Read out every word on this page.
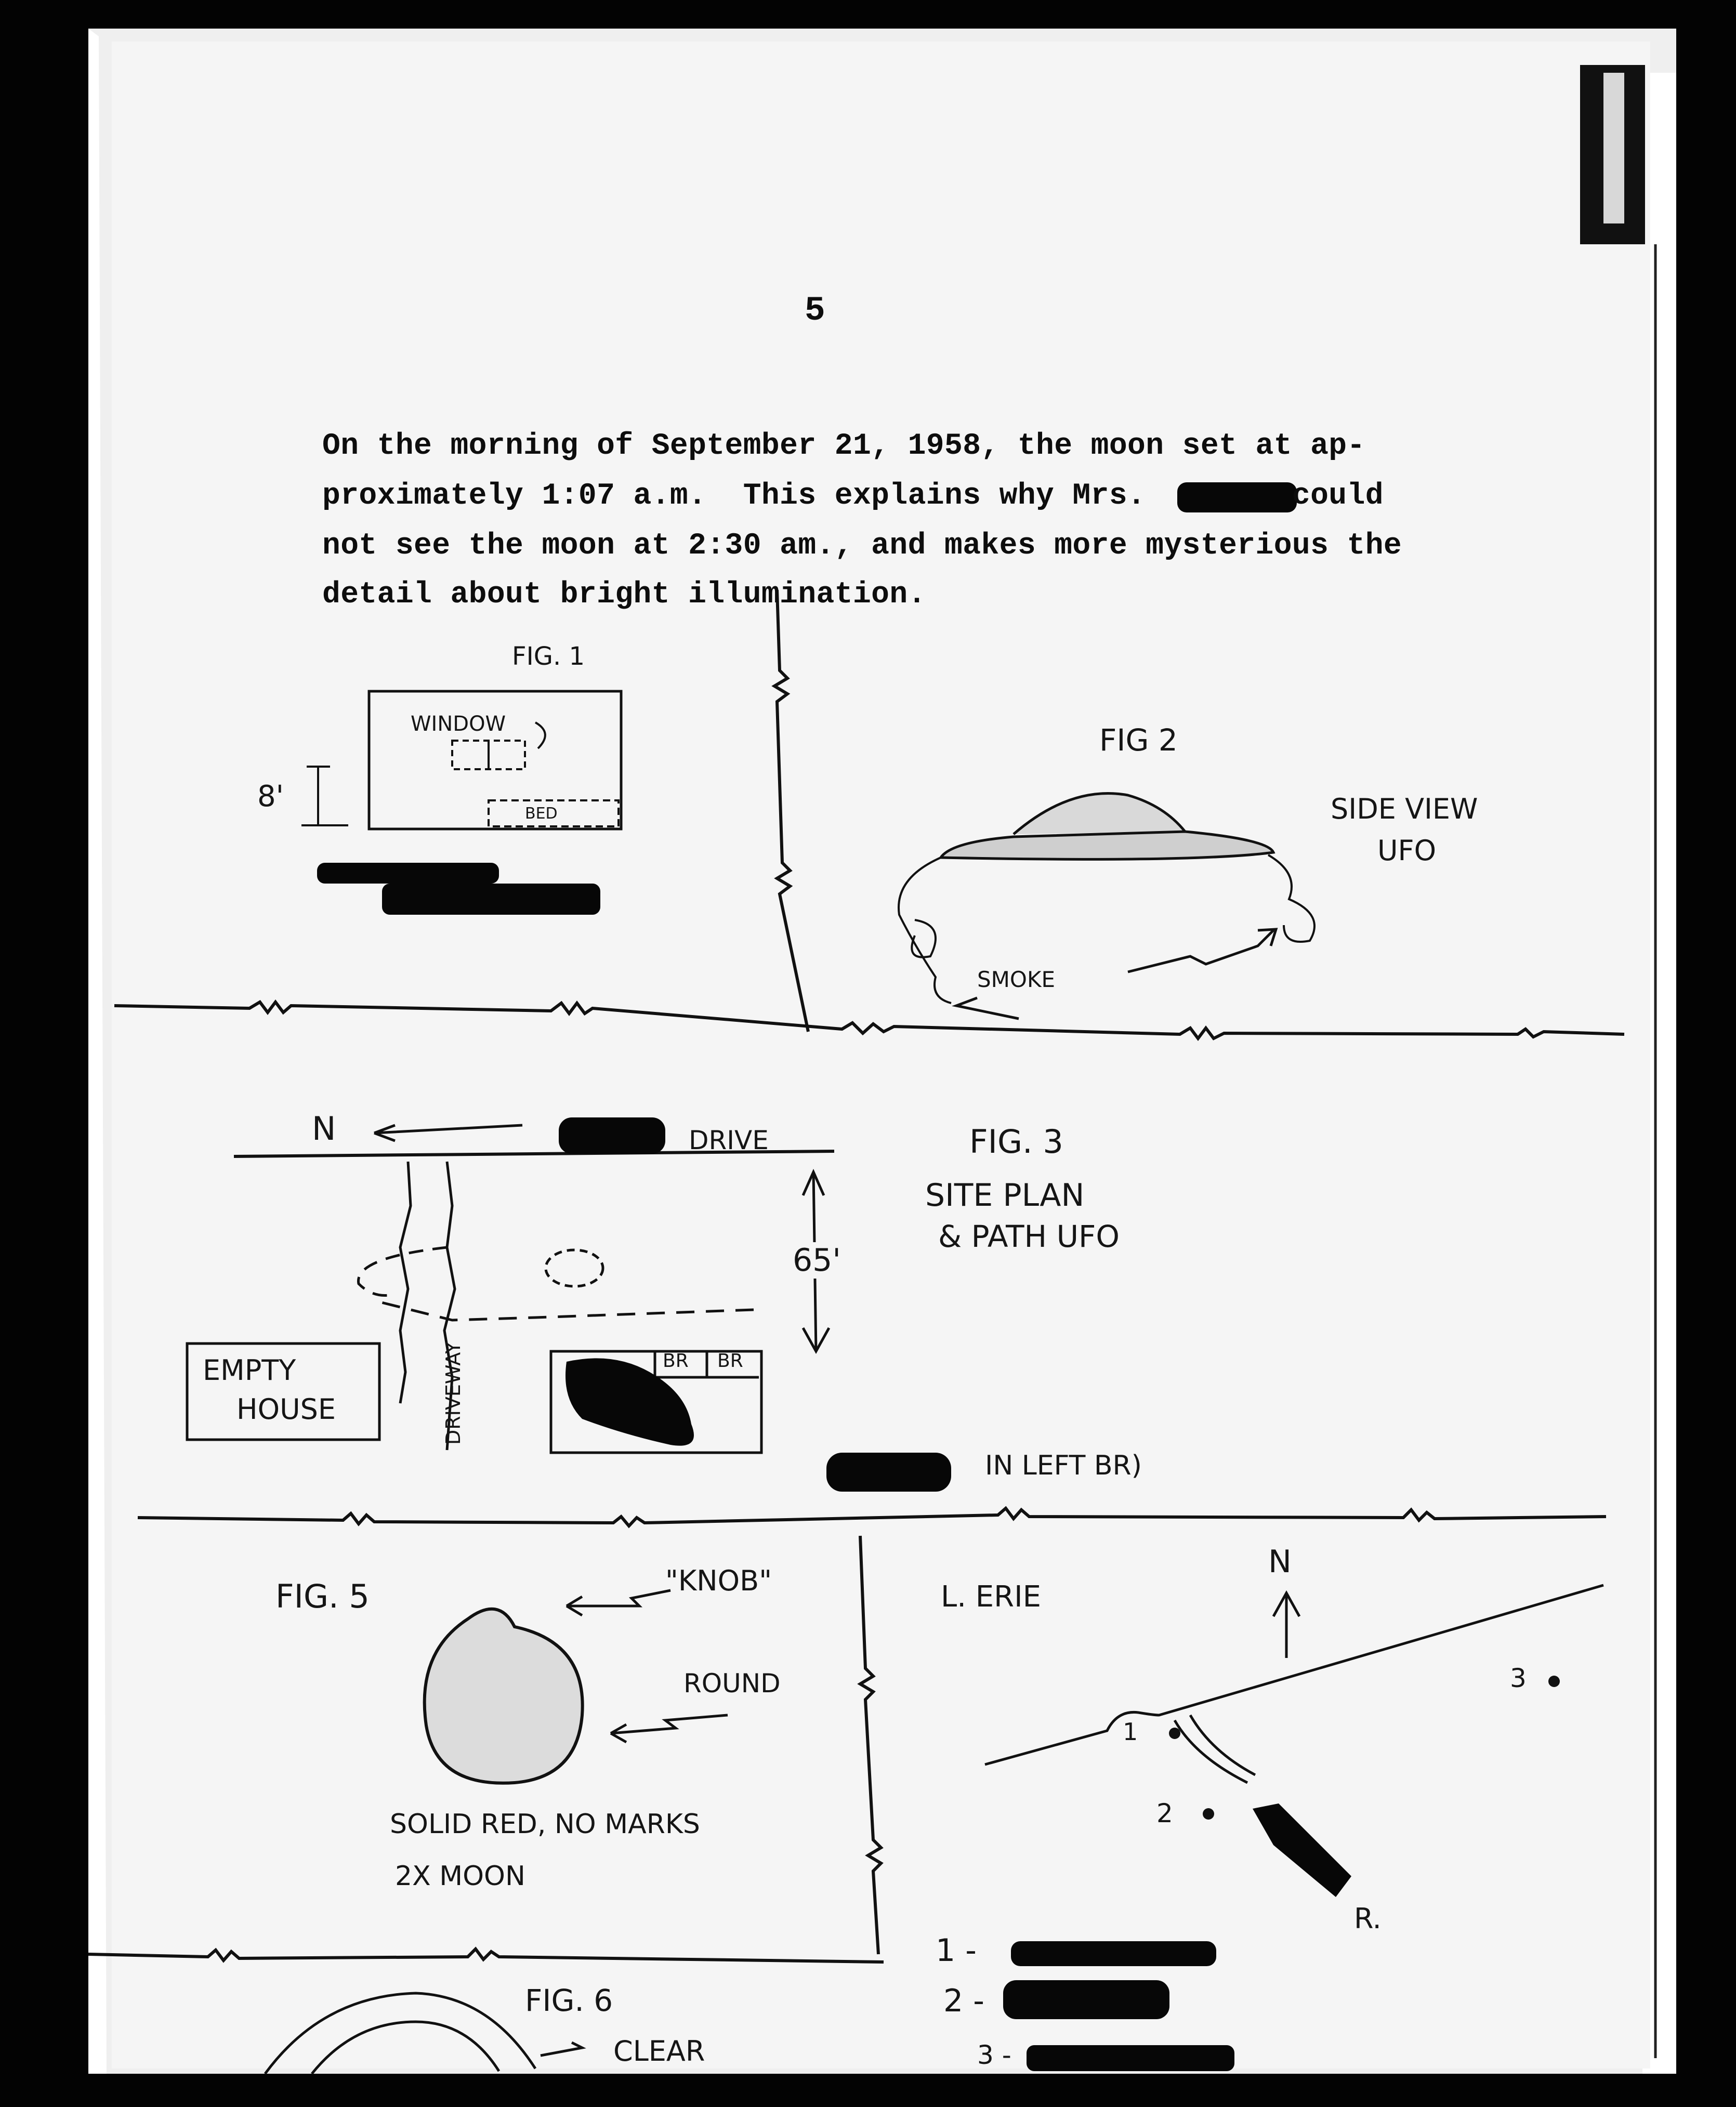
5
On the morning of September 21, 1958, the moon set at ap-
proximately 1:07 a.m.  This explains why Mrs.        could
not see the moon at 2:30 am., and makes more mysterious the
detail about bright illumination.
FIG. 1
WINDOW
8'
BED
FIG 2
SIDE VIEW
UFO
SMOKE
N	DRIVE	FIG. 3
SITE PLAN
& PATH UFO
65'
EMPTY
HOUSE	DRIVEWAY	BR BR
IN LEFT BR)
FIG. 5	"KNOB"
ROUND
SOLID RED, NO MARKS
2X MOON
L. ERIE
N
1
2
3
R.
1 -
2 -
3 -
FIG. 6
CLEAR
